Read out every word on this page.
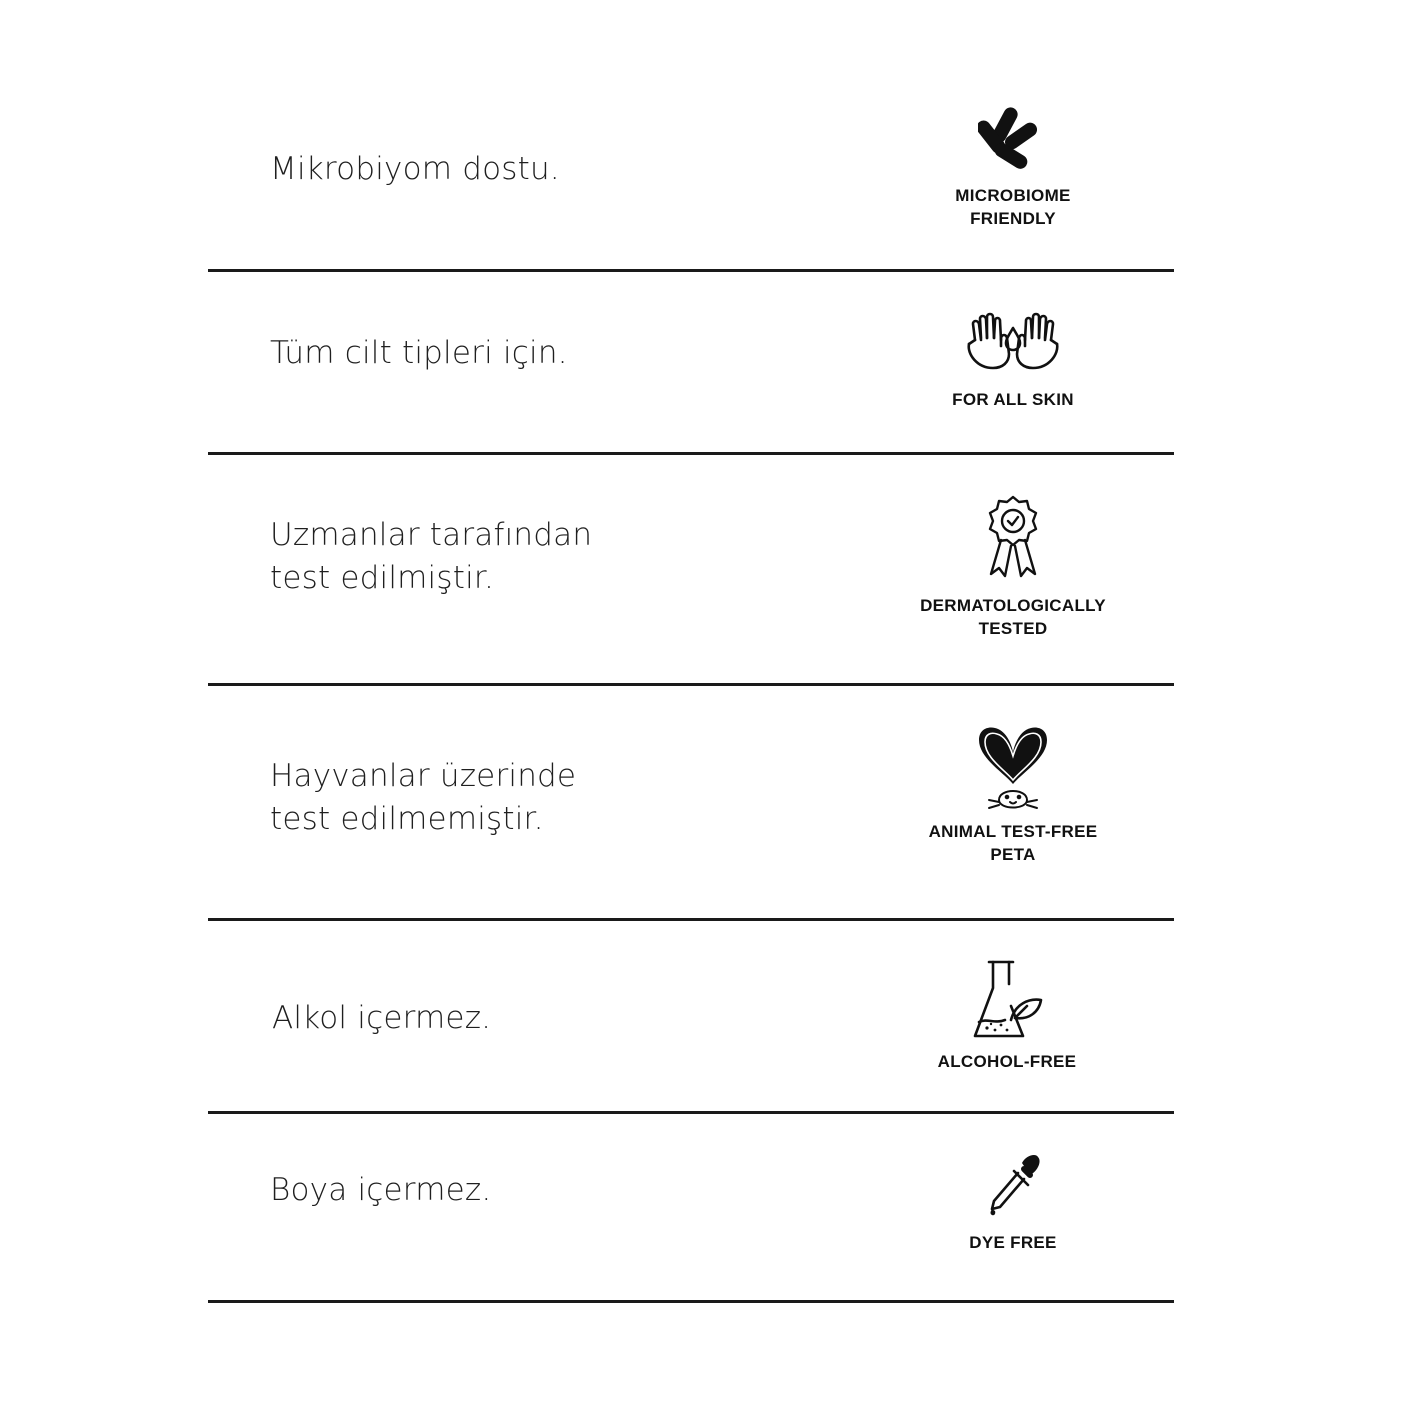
Mikrobiyom dostu.
MICROBIOME
FRIENDLY
Tüm cilt tipleri için.
FOR ALL SKIN
Uzmanlar tarafından
test edilmiştir.
DERMATOLOGICALLY
TESTED
Hayvanlar üzerinde
test edilmemiştir.	ANIMAL TEST-FREE
PETA
Alkol içermez.
ALCOHOL-FREE
Boya içermez.
DYE FREE
